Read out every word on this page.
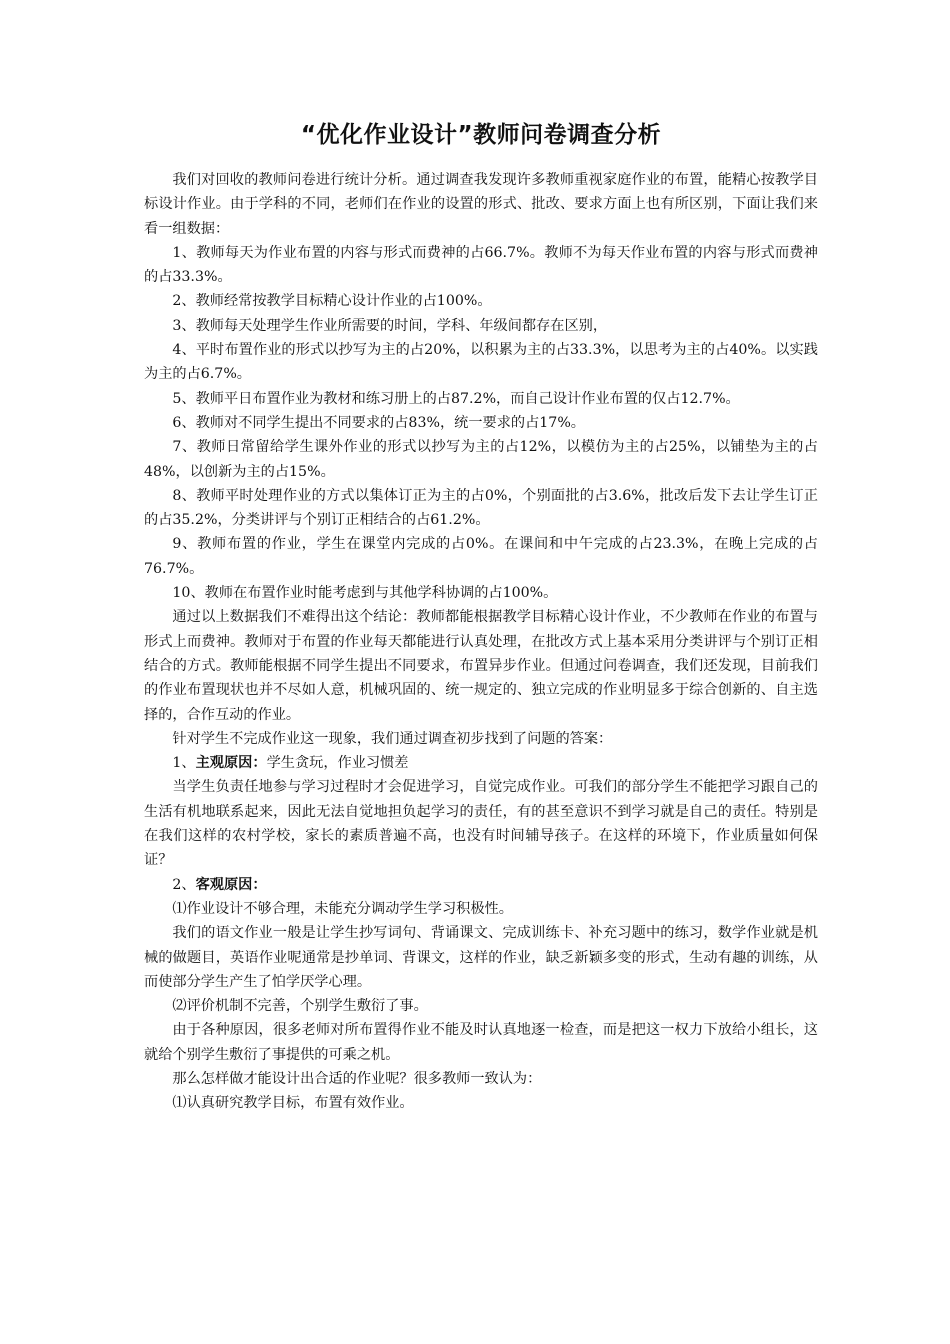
“优化作业设计”教师问卷调查分析

我们对回收的教师问卷进行统计分析。通过调查我发现许多教师重视家庭作业的布置，能精心按教学目标设计作业。由于学科的不同，老师们在作业的设置的形式、批改、要求方面上也有所区别，下面让我们来看一组数据：

1、教师每天为作业布置的内容与形式而费神的占66.7%。教师不为每天作业布置的内容与形式而费神的占33.3%。

2、教师经常按教学目标精心设计作业的占100%。

3、教师每天处理学生作业所需要的时间，学科、年级间都存在区别，

4、平时布置作业的形式以抄写为主的占20%，以积累为主的占33.3%，以思考为主的占40%。以实践为主的占6.7%。

5、教师平日布置作业为教材和练习册上的占87.2%，而自己设计作业布置的仅占12.7%。

6、教师对不同学生提出不同要求的占83%，统一要求的占17%。

7、教师日常留给学生课外作业的形式以抄写为主的占12%，以模仿为主的占25%，以铺垫为主的占48%，以创新为主的占15%。

8、教师平时处理作业的方式以集体订正为主的占0%，个别面批的占3.6%，批改后发下去让学生订正的占35.2%，分类讲评与个别订正相结合的占61.2%。

9、教师布置的作业，学生在课堂内完成的占0%。在课间和中午完成的占23.3%，在晚上完成的占76.7%。

10、教师在布置作业时能考虑到与其他学科协调的占100%。

通过以上数据我们不难得出这个结论：教师都能根据教学目标精心设计作业，不少教师在作业的布置与形式上而费神。教师对于布置的作业每天都能进行认真处理，在批改方式上基本采用分类讲评与个别订正相结合的方式。教师能根据不同学生提出不同要求，布置异步作业。但通过问卷调查，我们还发现，目前我们的作业布置现状也并不尽如人意，机械巩固的、统一规定的、独立完成的作业明显多于综合创新的、自主选择的，合作互动的作业。

针对学生不完成作业这一现象，我们通过调查初步找到了问题的答案：

1、主观原因：学生贪玩，作业习惯差

当学生负责任地参与学习过程时才会促进学习，自觉完成作业。可我们的部分学生不能把学习跟自己的生活有机地联系起来，因此无法自觉地担负起学习的责任，有的甚至意识不到学习就是自己的责任。特别是在我们这样的农村学校，家长的素质普遍不高，也没有时间辅导孩子。在这样的环境下，作业质量如何保证？

2、客观原因：

⑴作业设计不够合理，未能充分调动学生学习积极性。

我们的语文作业一般是让学生抄写词句、背诵课文、完成训练卡、补充习题中的练习，数学作业就是机械的做题目，英语作业呢通常是抄单词、背课文，这样的作业，缺乏新颖多变的形式，生动有趣的训练，从而使部分学生产生了怕学厌学心理。

⑵评价机制不完善，个别学生敷衍了事。

由于各种原因，很多老师对所布置得作业不能及时认真地逐一检查，而是把这一权力下放给小组长，这就给个别学生敷衍了事提供的可乘之机。

那么怎样做才能设计出合适的作业呢？很多教师一致认为：

⑴认真研究教学目标，布置有效作业。
